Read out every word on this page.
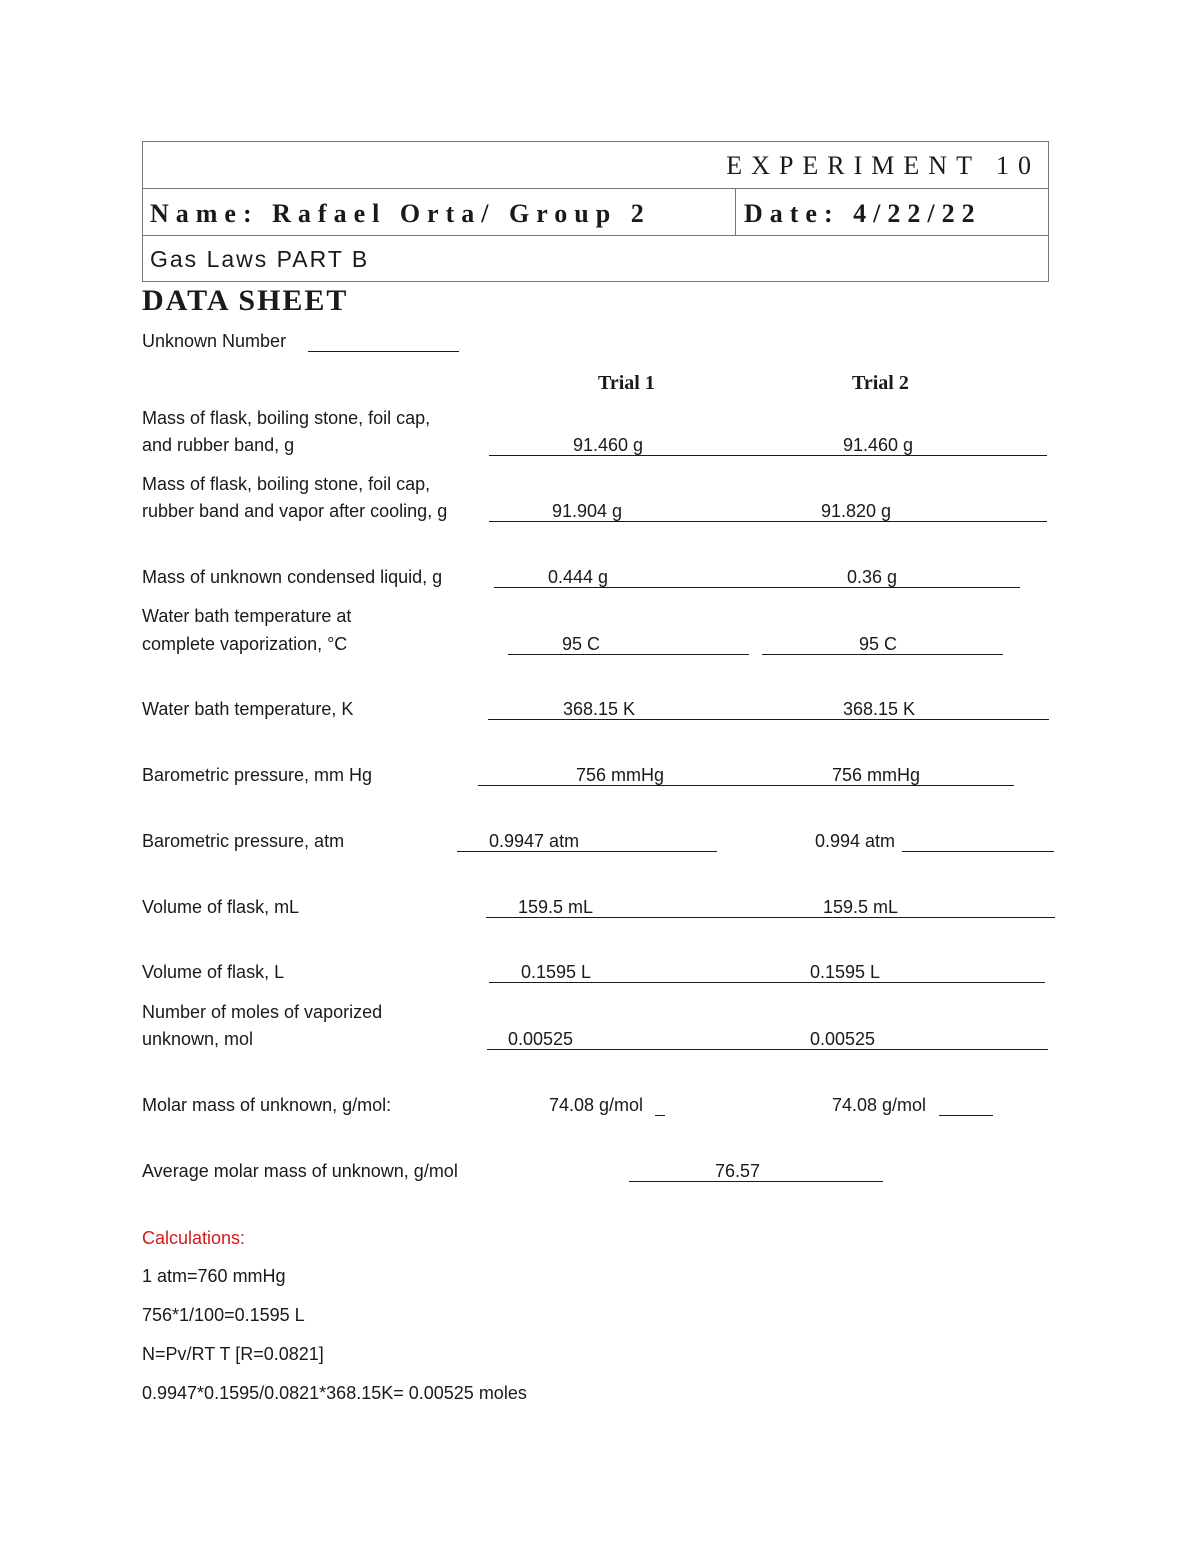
EXPERIMENT 10
Name: Rafael Orta/ Group 2	Date: 4/22/22
Gas Laws PART B
DATA SHEET
Unknown Number
Trial 1	Trial 2
Mass of flask, boiling stone, foil cap,
and rubber band, g	91.460 g	91.460 g
Mass of flask, boiling stone, foil cap,
rubber band and vapor after cooling, g	91.904 g	91.820 g
Mass of unknown condensed liquid, g	0.444 g	0.36 g
Water bath temperature at
complete vaporization, °C	95 C	95 C
Water bath temperature, K	368.15 K	368.15 K
Barometric pressure, mm Hg	756 mmHg	756 mmHg
Barometric pressure, atm	0.9947 atm	0.994 atm
Volume of flask, mL	159.5 mL	159.5 mL
Volume of flask, L	0.1595 L	0.1595 L
Number of moles of vaporized
unknown, mol	0.00525	0.00525
Molar mass of unknown, g/mol:	74.08 g/mol	74.08 g/mol
Average molar mass of unknown, g/mol	76.57
Calculations:
1 atm=760 mmHg
756*1/100=0.1595 L
N=Pv/RT T [R=0.0821]
0.9947*0.1595/0.0821*368.15K= 0.00525 moles
